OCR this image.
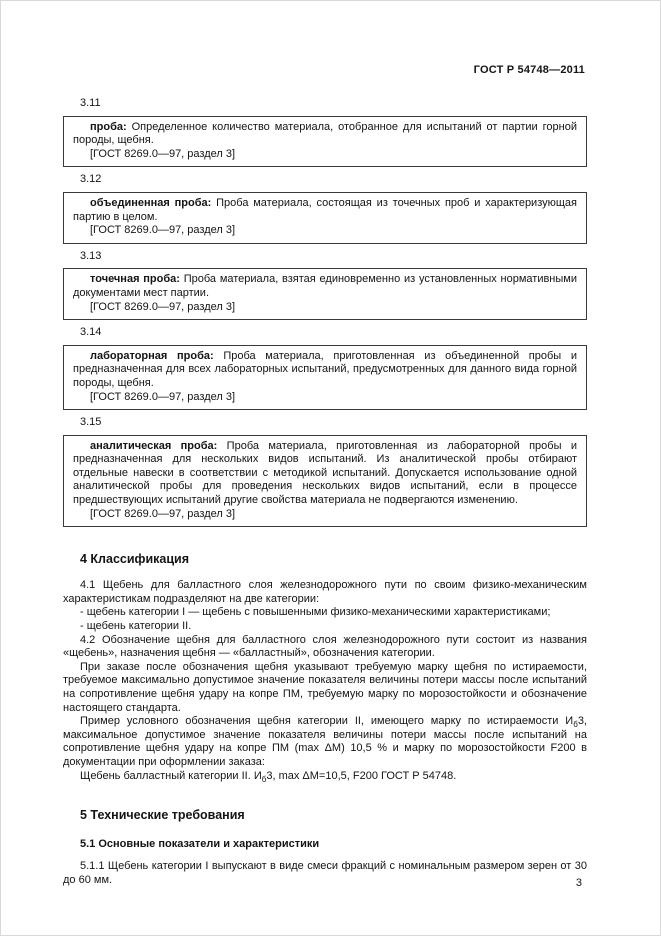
ГОСТ Р 54748—2011

3.11

проба: Определенное количество материала, отобранное для испытаний от партии горной породы, щебня.

[ГОСТ 8269.0—97, раздел 3]

3.12

объединенная проба: Проба материала, состоящая из точечных проб и характеризующая партию в целом.

[ГОСТ 8269.0—97, раздел 3]

3.13

точечная проба: Проба материала, взятая единовременно из установленных нормативными документами мест партии.

[ГОСТ 8269.0—97, раздел 3]

3.14

лабораторная проба: Проба материала, приготовленная из объединенной пробы и предназначенная для всех лабораторных испытаний, предусмотренных для данного вида горной породы, щебня.

[ГОСТ 8269.0—97, раздел 3]

3.15

аналитическая проба: Проба материала, приготовленная из лабораторной пробы и предназначенная для нескольких видов испытаний. Из аналитической пробы отбирают отдельные навески в соответствии с методикой испытаний. Допускается использование одной аналитической пробы для проведения нескольких видов испытаний, если в процессе предшествующих испытаний другие свойства материала не подвергаются изменению.

[ГОСТ 8269.0—97, раздел 3]

4 Классификация

4.1 Щебень для балластного слоя железнодорожного пути по своим физико-механическим характеристикам подразделяют на две категории:

- щебень категории I — щебень с повышенными физико-механическими характеристиками;

- щебень категории II.

4.2 Обозначение щебня для балластного слоя железнодорожного пути состоит из названия «щебень», назначения щебня — «балластный», обозначения категории.

При заказе после обозначения щебня указывают требуемую марку щебня по истираемости, требуемое максимально допустимое значение показателя величины потери массы после испытаний на сопротивление щебня удару на копре ПМ, требуемую марку по морозостойкости и обозначение настоящего стандарта.

Пример условного обозначения щебня категории II, имеющего марку по истираемости $И_б3$, максимальное допустимое значение показателя величины потери массы после испытаний на сопротивление щебня удару на копре ПМ (max ΔМ) 10,5 % и марку по морозостойкости F200 в документации при оформлении заказа:

Щебень балластный категории II. $И_б3$, max ΔМ=10,5, F200 ГОСТ Р 54748.

5 Технические требования
5.1 Основные показатели и характеристики

5.1.1 Щебень категории I выпускают в виде смеси фракций с номинальным размером зерен от 30 до 60 мм.	3
